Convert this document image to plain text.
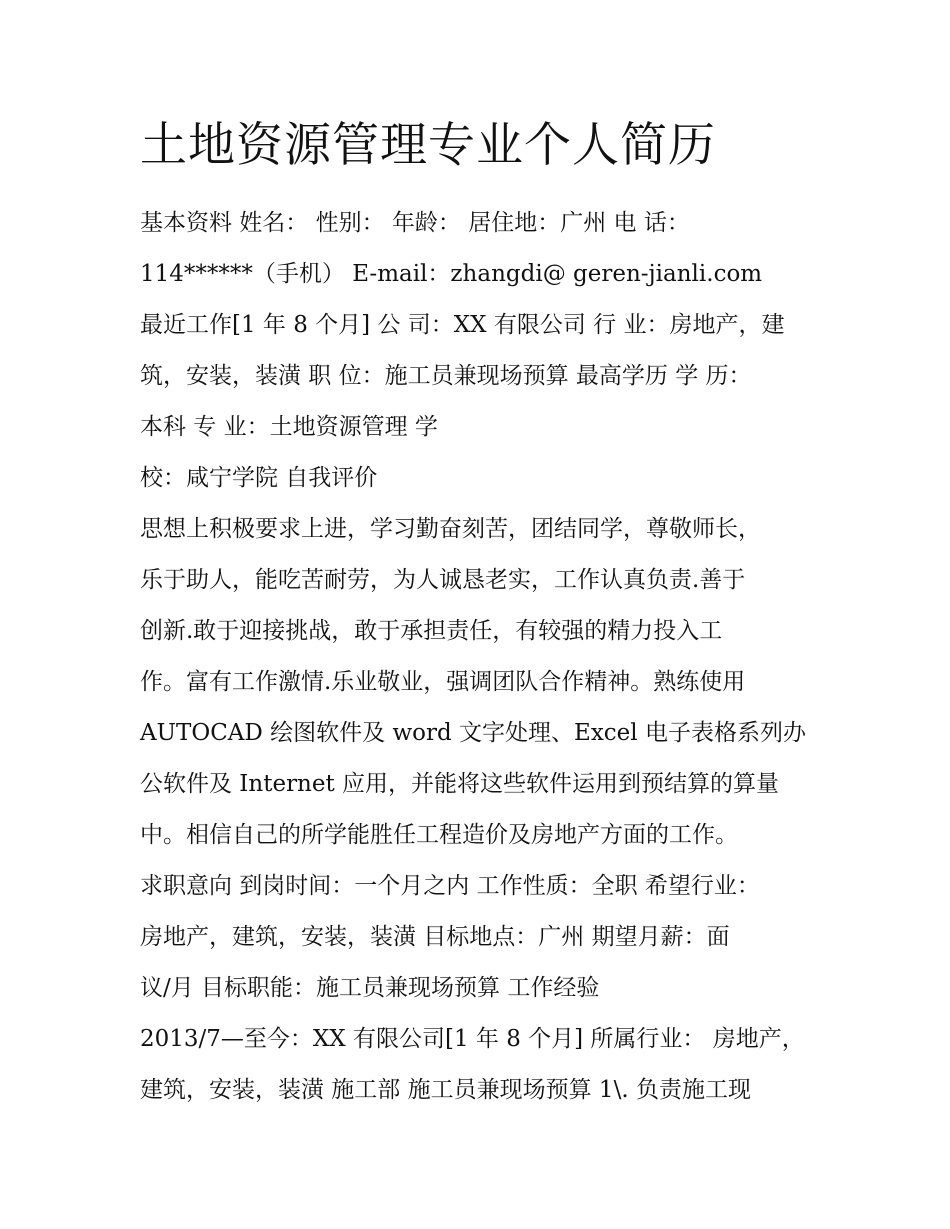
土地资源管理专业个人简历
基本资料 姓名： 性别： 年龄： 居住地：广州 电 话：
114******（手机） E-mail：zhangdi@ geren-jianli.com
最近工作[1 年 8 个月] 公 司：XX 有限公司 行 业：房地产，建
筑，安装，装潢 职 位：施工员兼现场预算 最高学历 学 历：
本科 专 业：土地资源管理 学
校：咸宁学院 自我评价
思想上积极要求上进，学习勤奋刻苦，团结同学，尊敬师长，
乐于助人，能吃苦耐劳，为人诚恳老实，工作认真负责.善于
创新.敢于迎接挑战，敢于承担责任，有较强的精力投入工
作。富有工作激情.乐业敬业，强调团队合作精神。熟练使用
AUTOCAD 绘图软件及 word 文字处理、Excel 电子表格系列办
公软件及 Internet 应用，并能将这些软件运用到预结算的算量
中。相信自己的所学能胜任工程造价及房地产方面的工作。
求职意向 到岗时间：一个月之内 工作性质：全职 希望行业：
房地产，建筑，安装，装潢 目标地点：广州 期望月薪：面
议/月 目标职能：施工员兼现场预算 工作经验
2013/7—至今：XX 有限公司[1 年 8 个月] 所属行业： 房地产，
建筑，安装，装潢 施工部 施工员兼现场预算 1\. 负责施工现
